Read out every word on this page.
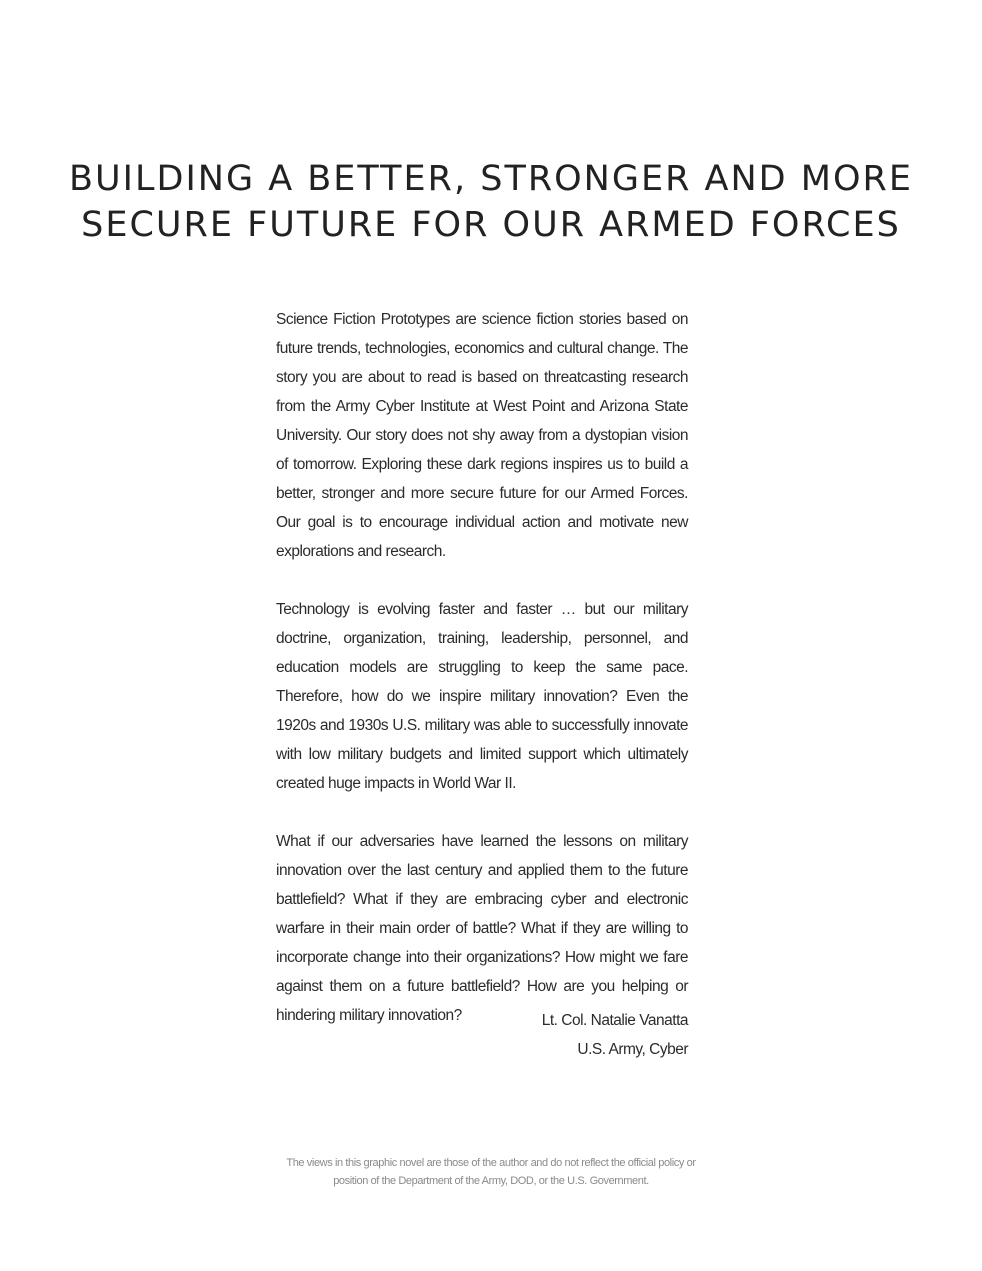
BUILDING A BETTER, STRONGER AND MORE
SECURE FUTURE FOR OUR ARMED FORCES

Science Fiction Prototypes are science fiction stories based on future trends, technologies, economics and cultural change. The story you are about to read is based on threatcasting research from the Army Cyber Institute at West Point and Arizona State University. Our story does not shy away from a dystopian vision of tomorrow. Exploring these dark regions inspires us to build a better, stronger and more secure future for our Armed Forces. Our goal is to encourage individual action and motivate new explorations and research.

Technology is evolving faster and faster … but our military doctrine, organization, training, leadership, personnel, and education models are struggling to keep the same pace. Therefore, how do we inspire military innovation? Even the 1920s and 1930s U.S. military was able to successfully innovate with low military budgets and limited support which ultimately created huge impacts in World War II.

What if our adversaries have learned the lessons on military innovation over the last century and applied them to the future battlefield? What if they are embracing cyber and electronic warfare in their main order of battle? What if they are willing to incorporate change into their organizations? How might we fare against them on a future battlefield? How are you helping or hindering military innovation?	Lt. Col. Natalie Vanatta
U.S. Army, Cyber
The views in this graphic novel are those of the author and do not reflect the official policy or
position of the Department of the Army, DOD, or the U.S. Government.
